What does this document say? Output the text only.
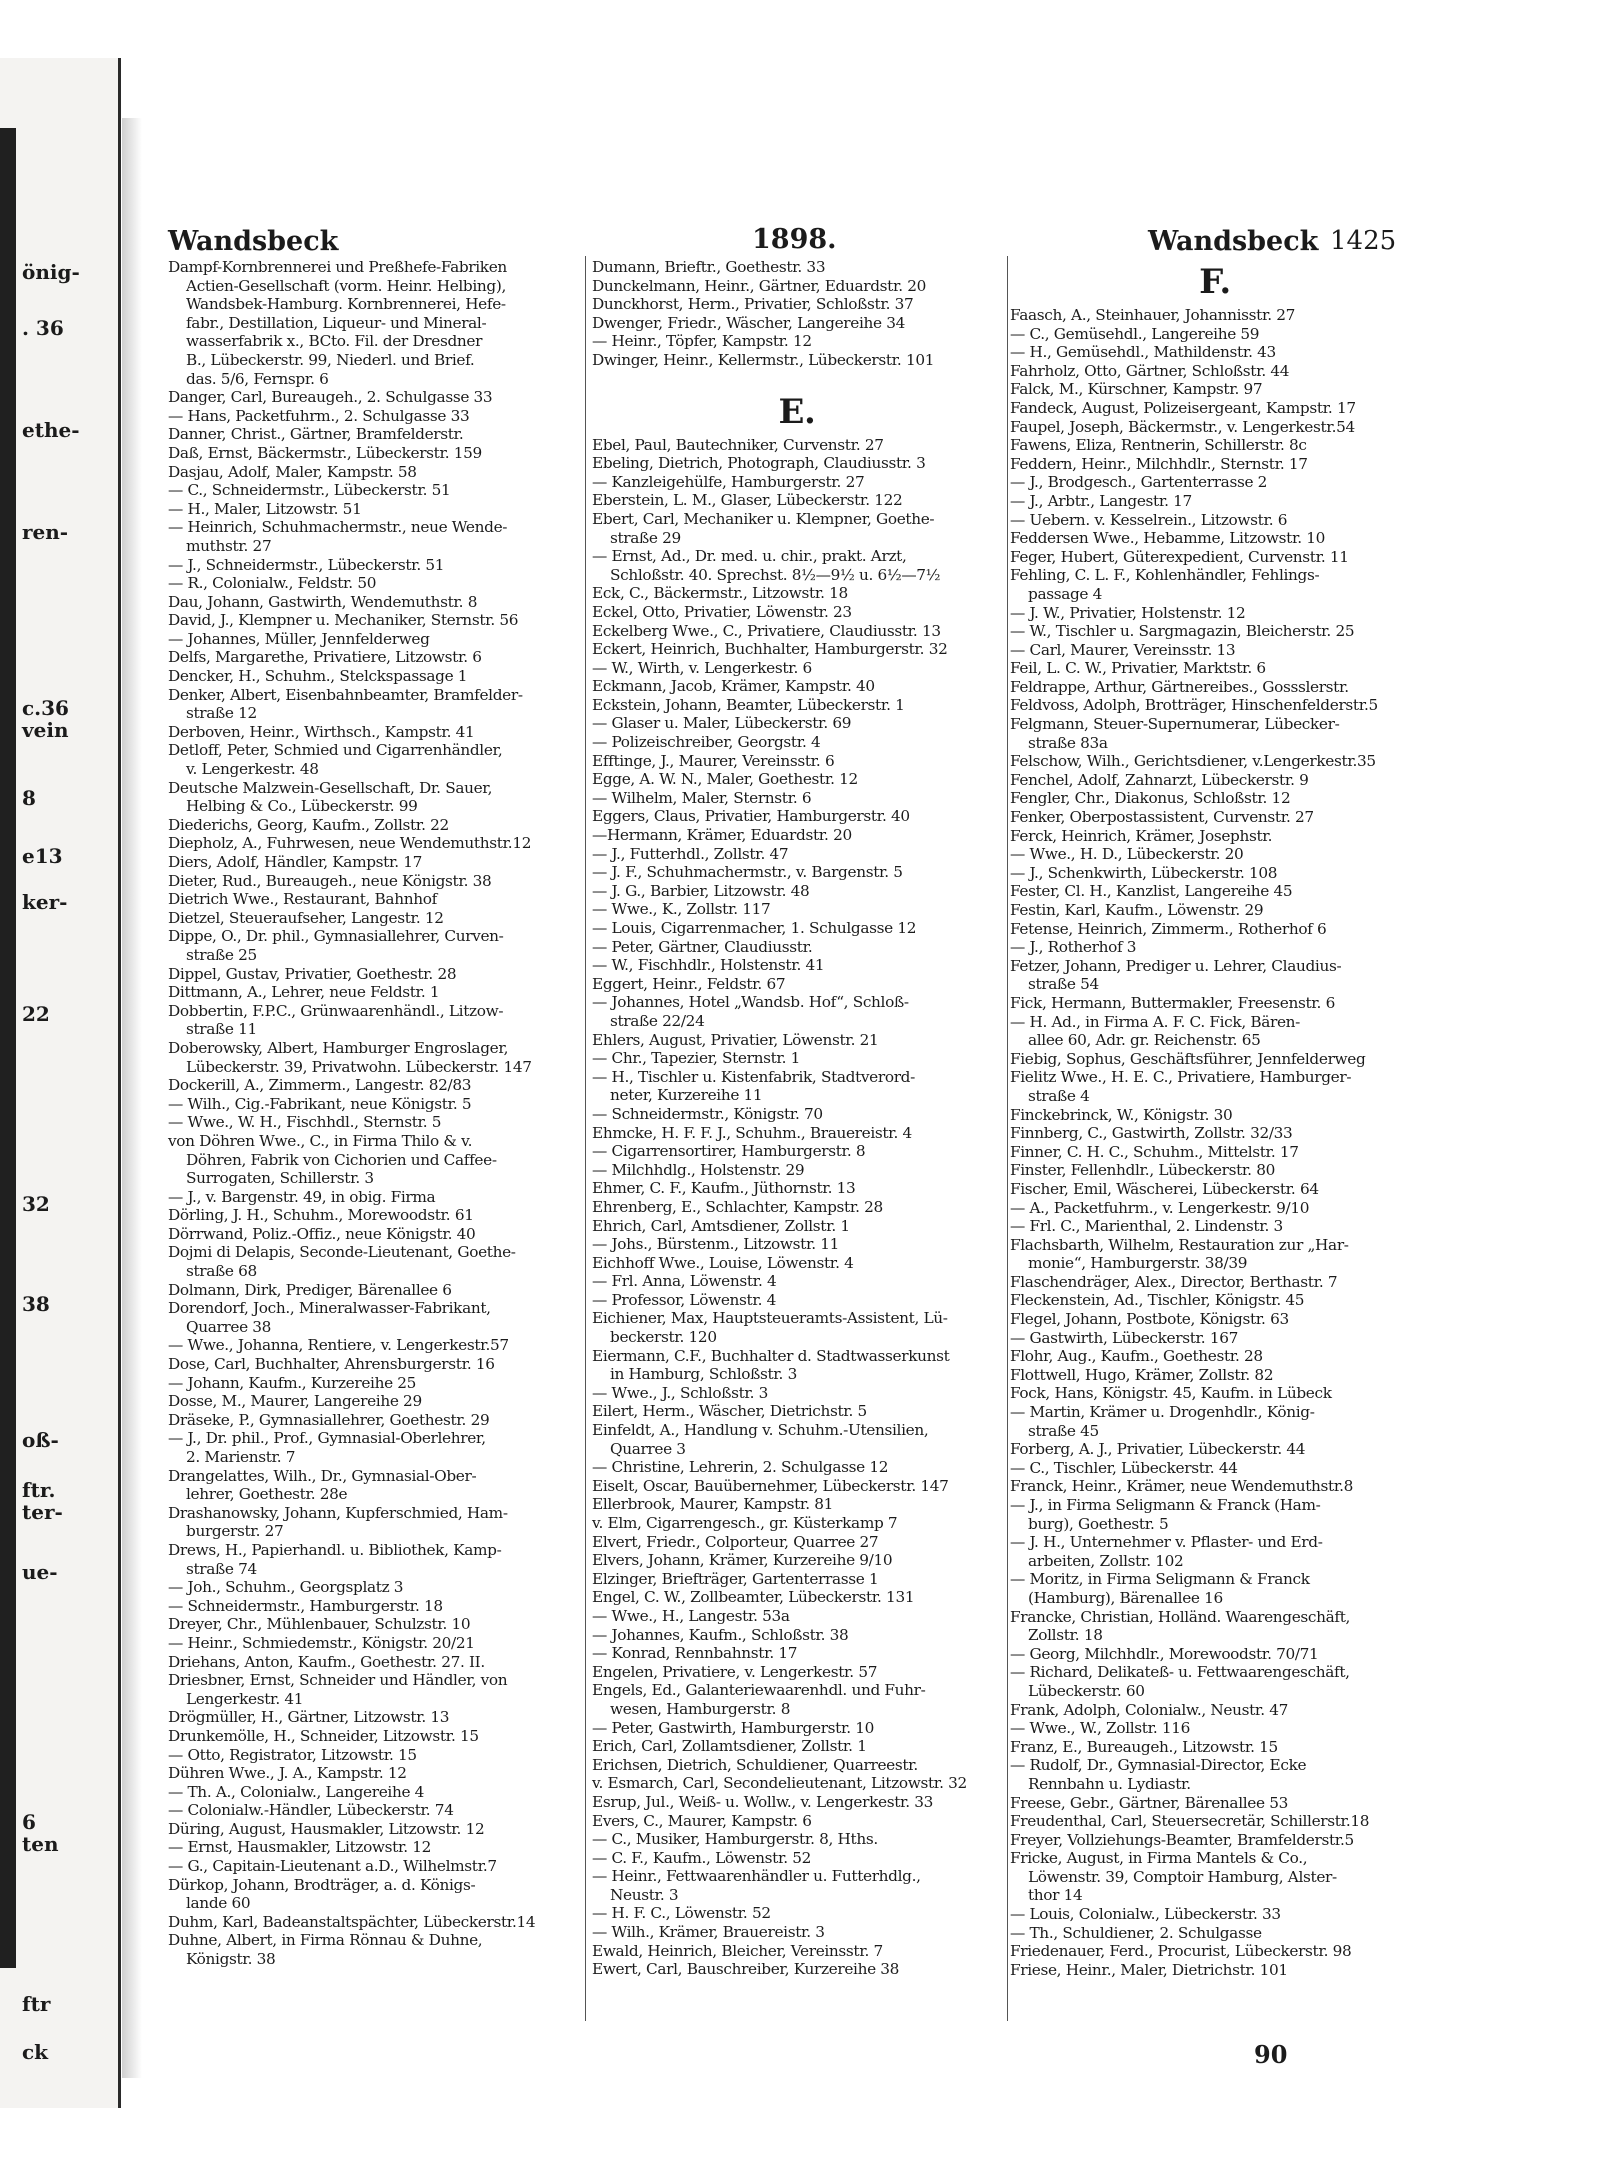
önig-
. 36
ethe-
ren-
c.36
vein
8
e13
ker-
22
32
38
oß-
ftr.
ter-
ue-
6
ten
ftr
ck
Wandsbeck	1898.	Wandsbeck 1425
Dampf-Kornbrennerei und Preßhefe-Fabriken
Actien-Gesellschaft (vorm. Heinr. Helbing),
Wandsbek-Hamburg. Kornbrennerei, Hefe-
fabr., Destillation, Liqueur- und Mineral-
wasserfabrik x., BCto. Fil. der Dresdner
B., Lübeckerstr. 99, Niederl. und Brief.
das. 5/6, Fernspr. 6
Danger, Carl, Bureaugeh., 2. Schulgasse 33
— Hans, Packetfuhrm., 2. Schulgasse 33
Danner, Christ., Gärtner, Bramfelderstr.
Daß, Ernst, Bäckermstr., Lübeckerstr. 159
Dasjau, Adolf, Maler, Kampstr. 58
— C., Schneidermstr., Lübeckerstr. 51
— H., Maler, Litzowstr. 51
— Heinrich, Schuhmachermstr., neue Wende-
muthstr. 27
— J., Schneidermstr., Lübeckerstr. 51
— R., Colonialw., Feldstr. 50
Dau, Johann, Gastwirth, Wendemuthstr. 8
David, J., Klempner u. Mechaniker, Sternstr. 56
— Johannes, Müller, Jennfelderweg
Delfs, Margarethe, Privatiere, Litzowstr. 6
Dencker, H., Schuhm., Stelckspassage 1
Denker, Albert, Eisenbahnbeamter, Bramfelder-
straße 12
Derboven, Heinr., Wirthsch., Kampstr. 41
Detloff, Peter, Schmied und Cigarrenhändler,
v. Lengerkestr. 48
Deutsche Malzwein-Gesellschaft, Dr. Sauer,
Helbing & Co., Lübeckerstr. 99
Diederichs, Georg, Kaufm., Zollstr. 22
Diepholz, A., Fuhrwesen, neue Wendemuthstr.12
Diers, Adolf, Händler, Kampstr. 17
Dieter, Rud., Bureaugeh., neue Königstr. 38
Dietrich Wwe., Restaurant, Bahnhof
Dietzel, Steueraufseher, Langestr. 12
Dippe, O., Dr. phil., Gymnasiallehrer, Curven-
straße 25
Dippel, Gustav, Privatier, Goethestr. 28
Dittmann, A., Lehrer, neue Feldstr. 1
Dobbertin, F.P.C., Grünwaarenhändl., Litzow-
straße 11
Doberowsky, Albert, Hamburger Engroslager,
Lübeckerstr. 39, Privatwohn. Lübeckerstr. 147
Dockerill, A., Zimmerm., Langestr. 82/83
— Wilh., Cig.-Fabrikant, neue Königstr. 5
— Wwe., W. H., Fischhdl., Sternstr. 5
von Döhren Wwe., C., in Firma Thilo & v.
Döhren, Fabrik von Cichorien und Caffee-
Surrogaten, Schillerstr. 3
— J., v. Bargenstr. 49, in obig. Firma
Dörling, J. H., Schuhm., Morewoodstr. 61
Dörrwand, Poliz.-Offiz., neue Königstr. 40
Dojmi di Delapis, Seconde-Lieutenant, Goethe-
straße 68
Dolmann, Dirk, Prediger, Bärenallee 6
Dorendorf, Joch., Mineralwasser-Fabrikant,
Quarree 38
— Wwe., Johanna, Rentiere, v. Lengerkestr.57
Dose, Carl, Buchhalter, Ahrensburgerstr. 16
— Johann, Kaufm., Kurzereihe 25
Dosse, M., Maurer, Langereihe 29
Dräseke, P., Gymnasiallehrer, Goethestr. 29
— J., Dr. phil., Prof., Gymnasial-Oberlehrer,
2. Marienstr. 7
Drangelattes, Wilh., Dr., Gymnasial-Ober-
lehrer, Goethestr. 28e
Drashanowsky, Johann, Kupferschmied, Ham-
burgerstr. 27
Drews, H., Papierhandl. u. Bibliothek, Kamp-
straße 74
— Joh., Schuhm., Georgsplatz 3
— Schneidermstr., Hamburgerstr. 18
Dreyer, Chr., Mühlenbauer, Schulzstr. 10
— Heinr., Schmiedemstr., Königstr. 20/21
Driehans, Anton, Kaufm., Goethestr. 27. II.
Driesbner, Ernst, Schneider und Händler, von
Lengerkestr. 41
Drögmüller, H., Gärtner, Litzowstr. 13
Drunkemölle, H., Schneider, Litzowstr. 15
— Otto, Registrator, Litzowstr. 15
Dühren Wwe., J. A., Kampstr. 12
— Th. A., Colonialw., Langereihe 4
— Colonialw.-Händler, Lübeckerstr. 74
Düring, August, Hausmakler, Litzowstr. 12
— Ernst, Hausmakler, Litzowstr. 12
— G., Capitain-Lieutenant a.D., Wilhelmstr.7
Dürkop, Johann, Brodträger, a. d. Königs-
lande 60
Duhm, Karl, Badeanstaltspächter, Lübeckerstr.14
Duhne, Albert, in Firma Rönnau & Duhne,
Königstr. 38
Dumann, Brieftr., Goethestr. 33
Dunckelmann, Heinr., Gärtner, Eduardstr. 20
Dunckhorst, Herm., Privatier, Schloßstr. 37
Dwenger, Friedr., Wäscher, Langereihe 34
— Heinr., Töpfer, Kampstr. 12
Dwinger, Heinr., Kellermstr., Lübeckerstr. 101
E.
Ebel, Paul, Bautechniker, Curvenstr. 27
Ebeling, Dietrich, Photograph, Claudiusstr. 3
— Kanzleigehülfe, Hamburgerstr. 27
Eberstein, L. M., Glaser, Lübeckerstr. 122
Ebert, Carl, Mechaniker u. Klempner, Goethe-
straße 29
— Ernst, Ad., Dr. med. u. chir., prakt. Arzt,
Schloßstr. 40. Sprechst. 8½—9½ u. 6½—7½
Eck, C., Bäckermstr., Litzowstr. 18
Eckel, Otto, Privatier, Löwenstr. 23
Eckelberg Wwe., C., Privatiere, Claudiusstr. 13
Eckert, Heinrich, Buchhalter, Hamburgerstr. 32
— W., Wirth, v. Lengerkestr. 6
Eckmann, Jacob, Krämer, Kampstr. 40
Eckstein, Johann, Beamter, Lübeckerstr. 1
— Glaser u. Maler, Lübeckerstr. 69
— Polizeischreiber, Georgstr. 4
Efftinge, J., Maurer, Vereinsstr. 6
Egge, A. W. N., Maler, Goethestr. 12
— Wilhelm, Maler, Sternstr. 6
Eggers, Claus, Privatier, Hamburgerstr. 40
—Hermann, Krämer, Eduardstr. 20
— J., Futterhdl., Zollstr. 47
— J. F., Schuhmachermstr., v. Bargenstr. 5
— J. G., Barbier, Litzowstr. 48
— Wwe., K., Zollstr. 117
— Louis, Cigarrenmacher, 1. Schulgasse 12
— Peter, Gärtner, Claudiusstr.
— W., Fischhdlr., Holstenstr. 41
Eggert, Heinr., Feldstr. 67
— Johannes, Hotel „Wandsb. Hof“, Schloß-
straße 22/24
Ehlers, August, Privatier, Löwenstr. 21
— Chr., Tapezier, Sternstr. 1
— H., Tischler u. Kistenfabrik, Stadtverord-
neter, Kurzereihe 11
— Schneidermstr., Königstr. 70
Ehmcke, H. F. F. J., Schuhm., Brauereistr. 4
— Cigarrensortirer, Hamburgerstr. 8
— Milchhdlg., Holstenstr. 29
Ehmer, C. F., Kaufm., Jüthornstr. 13
Ehrenberg, E., Schlachter, Kampstr. 28
Ehrich, Carl, Amtsdiener, Zollstr. 1
— Johs., Bürstenm., Litzowstr. 11
Eichhoff Wwe., Louise, Löwenstr. 4
— Frl. Anna, Löwenstr. 4
— Professor, Löwenstr. 4
Eichiener, Max, Hauptsteueramts-Assistent, Lü-
beckerstr. 120
Eiermann, C.F., Buchhalter d. Stadtwasserkunst
in Hamburg, Schloßstr. 3
— Wwe., J., Schloßstr. 3
Eilert, Herm., Wäscher, Dietrichstr. 5
Einfeldt, A., Handlung v. Schuhm.-Utensilien,
Quarree 3
— Christine, Lehrerin, 2. Schulgasse 12
Eiselt, Oscar, Bauübernehmer, Lübeckerstr. 147
Ellerbrook, Maurer, Kampstr. 81
v. Elm, Cigarrengesch., gr. Küsterkamp 7
Elvert, Friedr., Colporteur, Quarree 27
Elvers, Johann, Krämer, Kurzereihe 9/10
Elzinger, Briefträger, Gartenterrasse 1
Engel, C. W., Zollbeamter, Lübeckerstr. 131
— Wwe., H., Langestr. 53a
— Johannes, Kaufm., Schloßstr. 38
— Konrad, Rennbahnstr. 17
Engelen, Privatiere, v. Lengerkestr. 57
Engels, Ed., Galanteriewaarenhdl. und Fuhr-
wesen, Hamburgerstr. 8
— Peter, Gastwirth, Hamburgerstr. 10
Erich, Carl, Zollamtsdiener, Zollstr. 1
Erichsen, Dietrich, Schuldiener, Quarreestr.
v. Esmarch, Carl, Secondelieutenant, Litzowstr. 32
Esrup, Jul., Weiß- u. Wollw., v. Lengerkestr. 33
Evers, C., Maurer, Kampstr. 6
— C., Musiker, Hamburgerstr. 8, Hths.
— C. F., Kaufm., Löwenstr. 52
— Heinr., Fettwaarenhändler u. Futterhdlg.,
Neustr. 3
— H. F. C., Löwenstr. 52
— Wilh., Krämer, Brauereistr. 3
Ewald, Heinrich, Bleicher, Vereinsstr. 7
Ewert, Carl, Bauschreiber, Kurzereihe 38
F.
Faasch, A., Steinhauer, Johannisstr. 27
— C., Gemüsehdl., Langereihe 59
— H., Gemüsehdl., Mathildenstr. 43
Fahrholz, Otto, Gärtner, Schloßstr. 44
Falck, M., Kürschner, Kampstr. 97
Fandeck, August, Polizeisergeant, Kampstr. 17
Faupel, Joseph, Bäckermstr., v. Lengerkestr.54
Fawens, Eliza, Rentnerin, Schillerstr. 8c
Feddern, Heinr., Milchhdlr., Sternstr. 17
— J., Brodgesch., Gartenterrasse 2
— J., Arbtr., Langestr. 17
— Uebern. v. Kesselrein., Litzowstr. 6
Feddersen Wwe., Hebamme, Litzowstr. 10
Feger, Hubert, Güterexpedient, Curvenstr. 11
Fehling, C. L. F., Kohlenhändler, Fehlings-
passage 4
— J. W., Privatier, Holstenstr. 12
— W., Tischler u. Sargmagazin, Bleicherstr. 25
— Carl, Maurer, Vereinsstr. 13
Feil, L. C. W., Privatier, Marktstr. 6
Feldrappe, Arthur, Gärtnereibes., Gossslerstr.
Feldvoss, Adolph, Brotträger, Hinschenfelderstr.5
Felgmann, Steuer-Supernumerar, Lübecker-
straße 83a
Felschow, Wilh., Gerichtsdiener, v.Lengerkestr.35
Fenchel, Adolf, Zahnarzt, Lübeckerstr. 9
Fengler, Chr., Diakonus, Schloßstr. 12
Fenker, Oberpostassistent, Curvenstr. 27
Ferck, Heinrich, Krämer, Josephstr.
— Wwe., H. D., Lübeckerstr. 20
— J., Schenkwirth, Lübeckerstr. 108
Fester, Cl. H., Kanzlist, Langereihe 45
Festin, Karl, Kaufm., Löwenstr. 29
Fetense, Heinrich, Zimmerm., Rotherhof 6
— J., Rotherhof 3
Fetzer, Johann, Prediger u. Lehrer, Claudius-
straße 54
Fick, Hermann, Buttermakler, Freesenstr. 6
— H. Ad., in Firma A. F. C. Fick, Bären-
allee 60, Adr. gr. Reichenstr. 65
Fiebig, Sophus, Geschäftsführer, Jennfelderweg
Fielitz Wwe., H. E. C., Privatiere, Hamburger-
straße 4
Finckebrinck, W., Königstr. 30
Finnberg, C., Gastwirth, Zollstr. 32/33
Finner, C. H. C., Schuhm., Mittelstr. 17
Finster, Fellenhdlr., Lübeckerstr. 80
Fischer, Emil, Wäscherei, Lübeckerstr. 64
— A., Packetfuhrm., v. Lengerkestr. 9/10
— Frl. C., Marienthal, 2. Lindenstr. 3
Flachsbarth, Wilhelm, Restauration zur „Har-
monie“, Hamburgerstr. 38/39
Flaschendräger, Alex., Director, Berthastr. 7
Fleckenstein, Ad., Tischler, Königstr. 45
Flegel, Johann, Postbote, Königstr. 63
— Gastwirth, Lübeckerstr. 167
Flohr, Aug., Kaufm., Goethestr. 28
Flottwell, Hugo, Krämer, Zollstr. 82
Fock, Hans, Königstr. 45, Kaufm. in Lübeck
— Martin, Krämer u. Drogenhdlr., König-
straße 45
Forberg, A. J., Privatier, Lübeckerstr. 44
— C., Tischler, Lübeckerstr. 44
Franck, Heinr., Krämer, neue Wendemuthstr.8
— J., in Firma Seligmann & Franck (Ham-
burg), Goethestr. 5
— J. H., Unternehmer v. Pflaster- und Erd-
arbeiten, Zollstr. 102
— Moritz, in Firma Seligmann & Franck
(Hamburg), Bärenallee 16
Francke, Christian, Holländ. Waarengeschäft,
Zollstr. 18
— Georg, Milchhdlr., Morewoodstr. 70/71
— Richard, Delikateß- u. Fettwaarengeschäft,
Lübeckerstr. 60
Frank, Adolph, Colonialw., Neustr. 47
— Wwe., W., Zollstr. 116
Franz, E., Bureaugeh., Litzowstr. 15
— Rudolf, Dr., Gymnasial-Director, Ecke
Rennbahn u. Lydiastr.
Freese, Gebr., Gärtner, Bärenallee 53
Freudenthal, Carl, Steuersecretär, Schillerstr.18
Freyer, Vollziehungs-Beamter, Bramfelderstr.5
Fricke, August, in Firma Mantels & Co.,
Löwenstr. 39, Comptoir Hamburg, Alster-
thor 14
— Louis, Colonialw., Lübeckerstr. 33
— Th., Schuldiener, 2. Schulgasse
Friedenauer, Ferd., Procurist, Lübeckerstr. 98
Friese, Heinr., Maler, Dietrichstr. 101
90
